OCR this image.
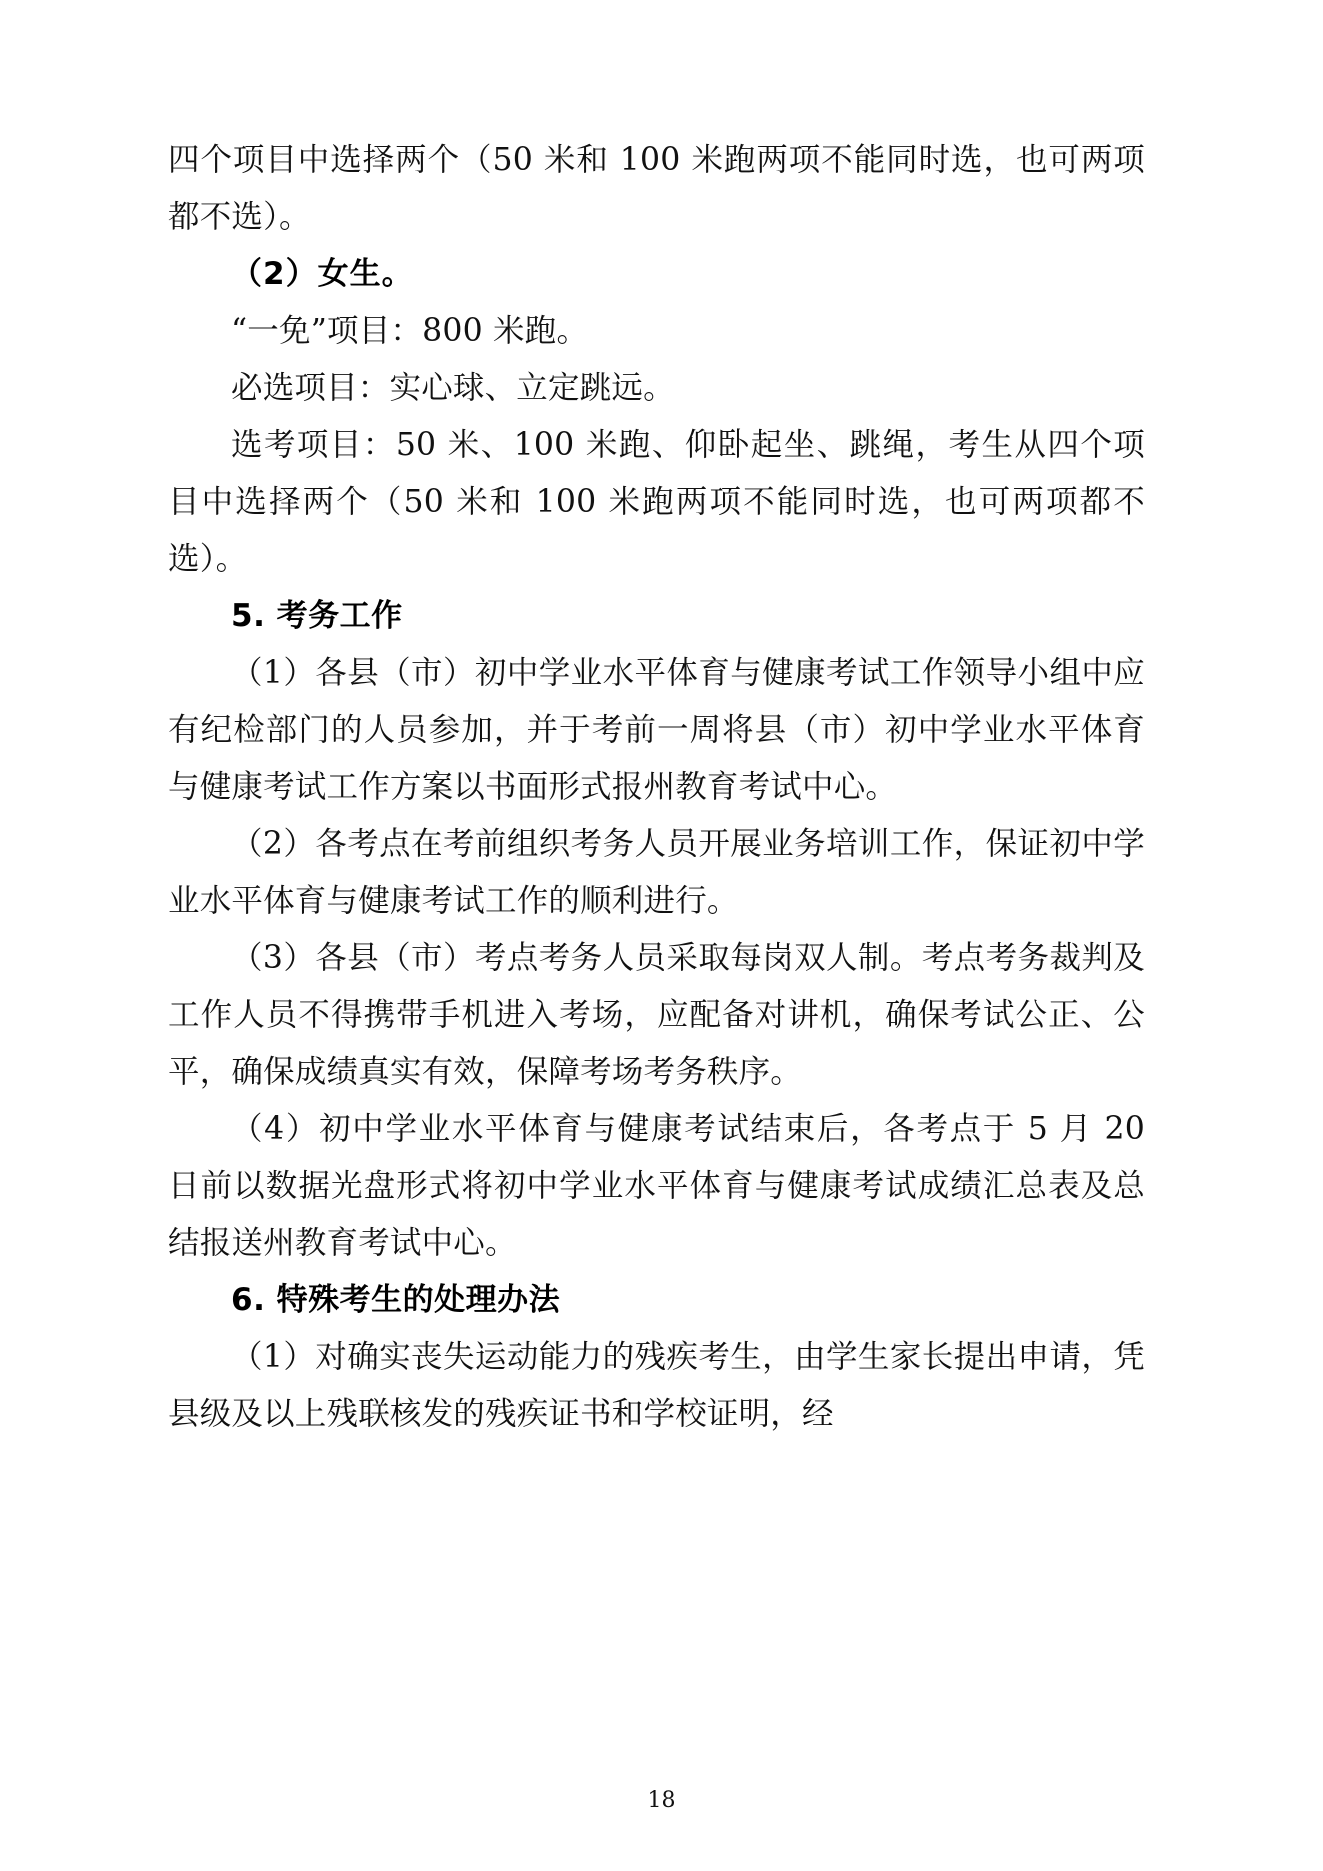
四个项目中选择两个（50 米和 100 米跑两项不能同时选，也可两项都不选）。

（2）女生。

“一免”项目：800 米跑。

必选项目：实心球、立定跳远。

选考项目：50 米、100 米跑、仰卧起坐、跳绳，考生从四个项目中选择两个（50 米和 100 米跑两项不能同时选，也可两项都不选）。

5. 考务工作

（1）各县（市）初中学业水平体育与健康考试工作领导小组中应有纪检部门的人员参加，并于考前一周将县（市）初中学业水平体育与健康考试工作方案以书面形式报州教育考试中心。

（2）各考点在考前组织考务人员开展业务培训工作，保证初中学业水平体育与健康考试工作的顺利进行。

（3）各县（市）考点考务人员采取每岗双人制。考点考务裁判及工作人员不得携带手机进入考场，应配备对讲机，确保考试公正、公平，确保成绩真实有效，保障考场考务秩序。

（4）初中学业水平体育与健康考试结束后，各考点于 5 月 20 日前以数据光盘形式将初中学业水平体育与健康考试成绩汇总表及总结报送州教育考试中心。

6. 特殊考生的处理办法

（1）对确实丧失运动能力的残疾考生，由学生家长提出申请，凭县级及以上残联核发的残疾证书和学校证明，经

18
